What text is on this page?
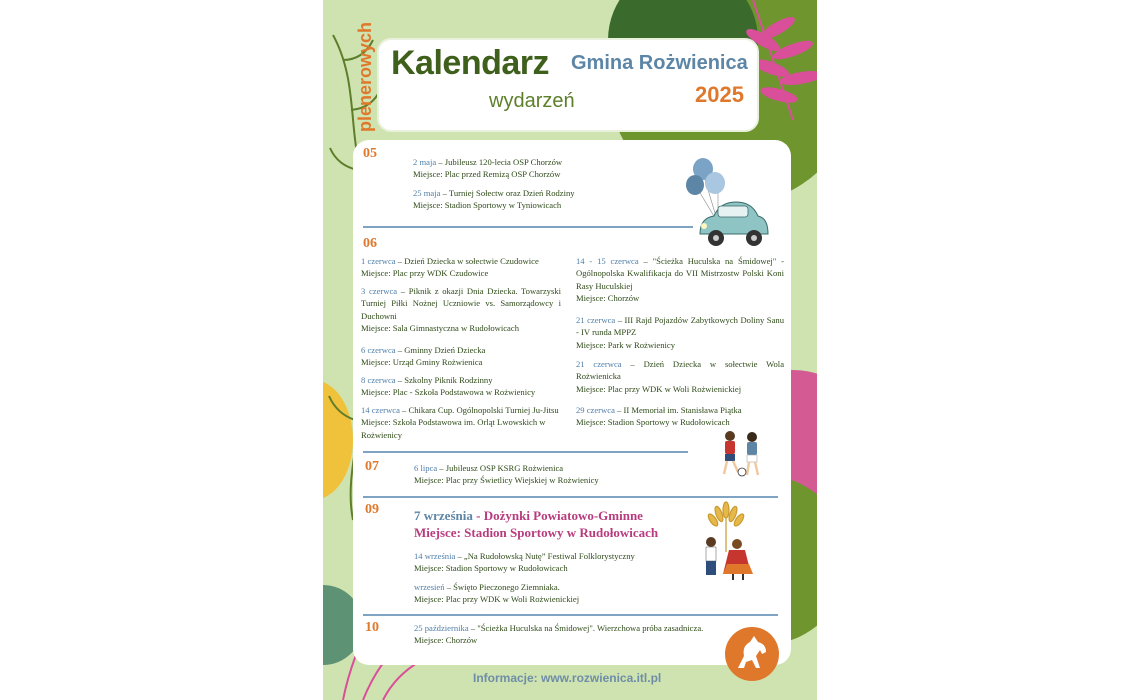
Kalendarz
wydarzeń
Gmina Rożwienica
2025
plenerowych
05
2 maja – Jubileusz 120-lecia OSP Chorzów
Miejsce: Plac przed Remizą OSP Chorzów
25 maja – Turniej Sołectw oraz Dzień Rodziny
Miejsce: Stadion Sportowy w Tyniowicach
06
1 czerwca – Dzień Dziecka w sołectwie Czudowice
Miejsce: Plac przy WDK Czudowice
3 czerwca – Piknik z okazji Dnia Dziecka. Towarzyski Turniej Piłki Nożnej Uczniowie vs. Samorządowcy i Duchowni
Miejsce: Sala Gimnastyczna w Rudołowicach
6 czerwca – Gminny Dzień Dziecka
Miejsce: Urząd Gminy Rożwienica
8 czerwca – Szkolny Piknik Rodzinny
Miejsce: Plac - Szkoła Podstawowa w Rożwienicy
14 czerwca – Chikara Cup. Ogólnopolski Turniej Ju-Jitsu
Miejsce: Szkoła Podstawowa im. Orląt Lwowskich w Rożwienicy
14 - 15 czerwca – "Ścieżka Huculska na Śmidowej" - Ogólnopolska Kwalifikacja do VII Mistrzostw Polski Koni Rasy Huculskiej
Miejsce: Chorzów
21 czerwca – III Rajd Pojazdów Zabytkowych Doliny Sanu - IV runda MPPZ
Miejsce: Park w Rożwienicy
21 czerwca – Dzień Dziecka w sołectwie Wola Rożwienicka
Miejsce: Plac przy WDK w Woli Rożwienickiej
29 czerwca – II Memoriał im. Stanisława Piątka
Miejsce: Stadion Sportowy w Rudołowicach
07	6 lipca – Jubileusz OSP KSRG Rożwienica
Miejsce: Plac przy Świetlicy Wiejskiej w Rożwienicy
09	7 września - Dożynki Powiatowo-Gminne
Miejsce: Stadion Sportowy w Rudołowicach
14 września – „Na Rudołowską Nutę” Festiwal Folklorystyczny
Miejsce: Stadion Sportowy w Rudołowicach
wrzesień – Święto Pieczonego Ziemniaka.
Miejsce: Plac przy WDK w Woli Rożwienickiej
10	25 października – "Ścieżka Huculska na Śmidowej". Wierzchowa próba zasadnicza.
Miejsce: Chorzów
Informacje: www.rozwienica.itl.pl
